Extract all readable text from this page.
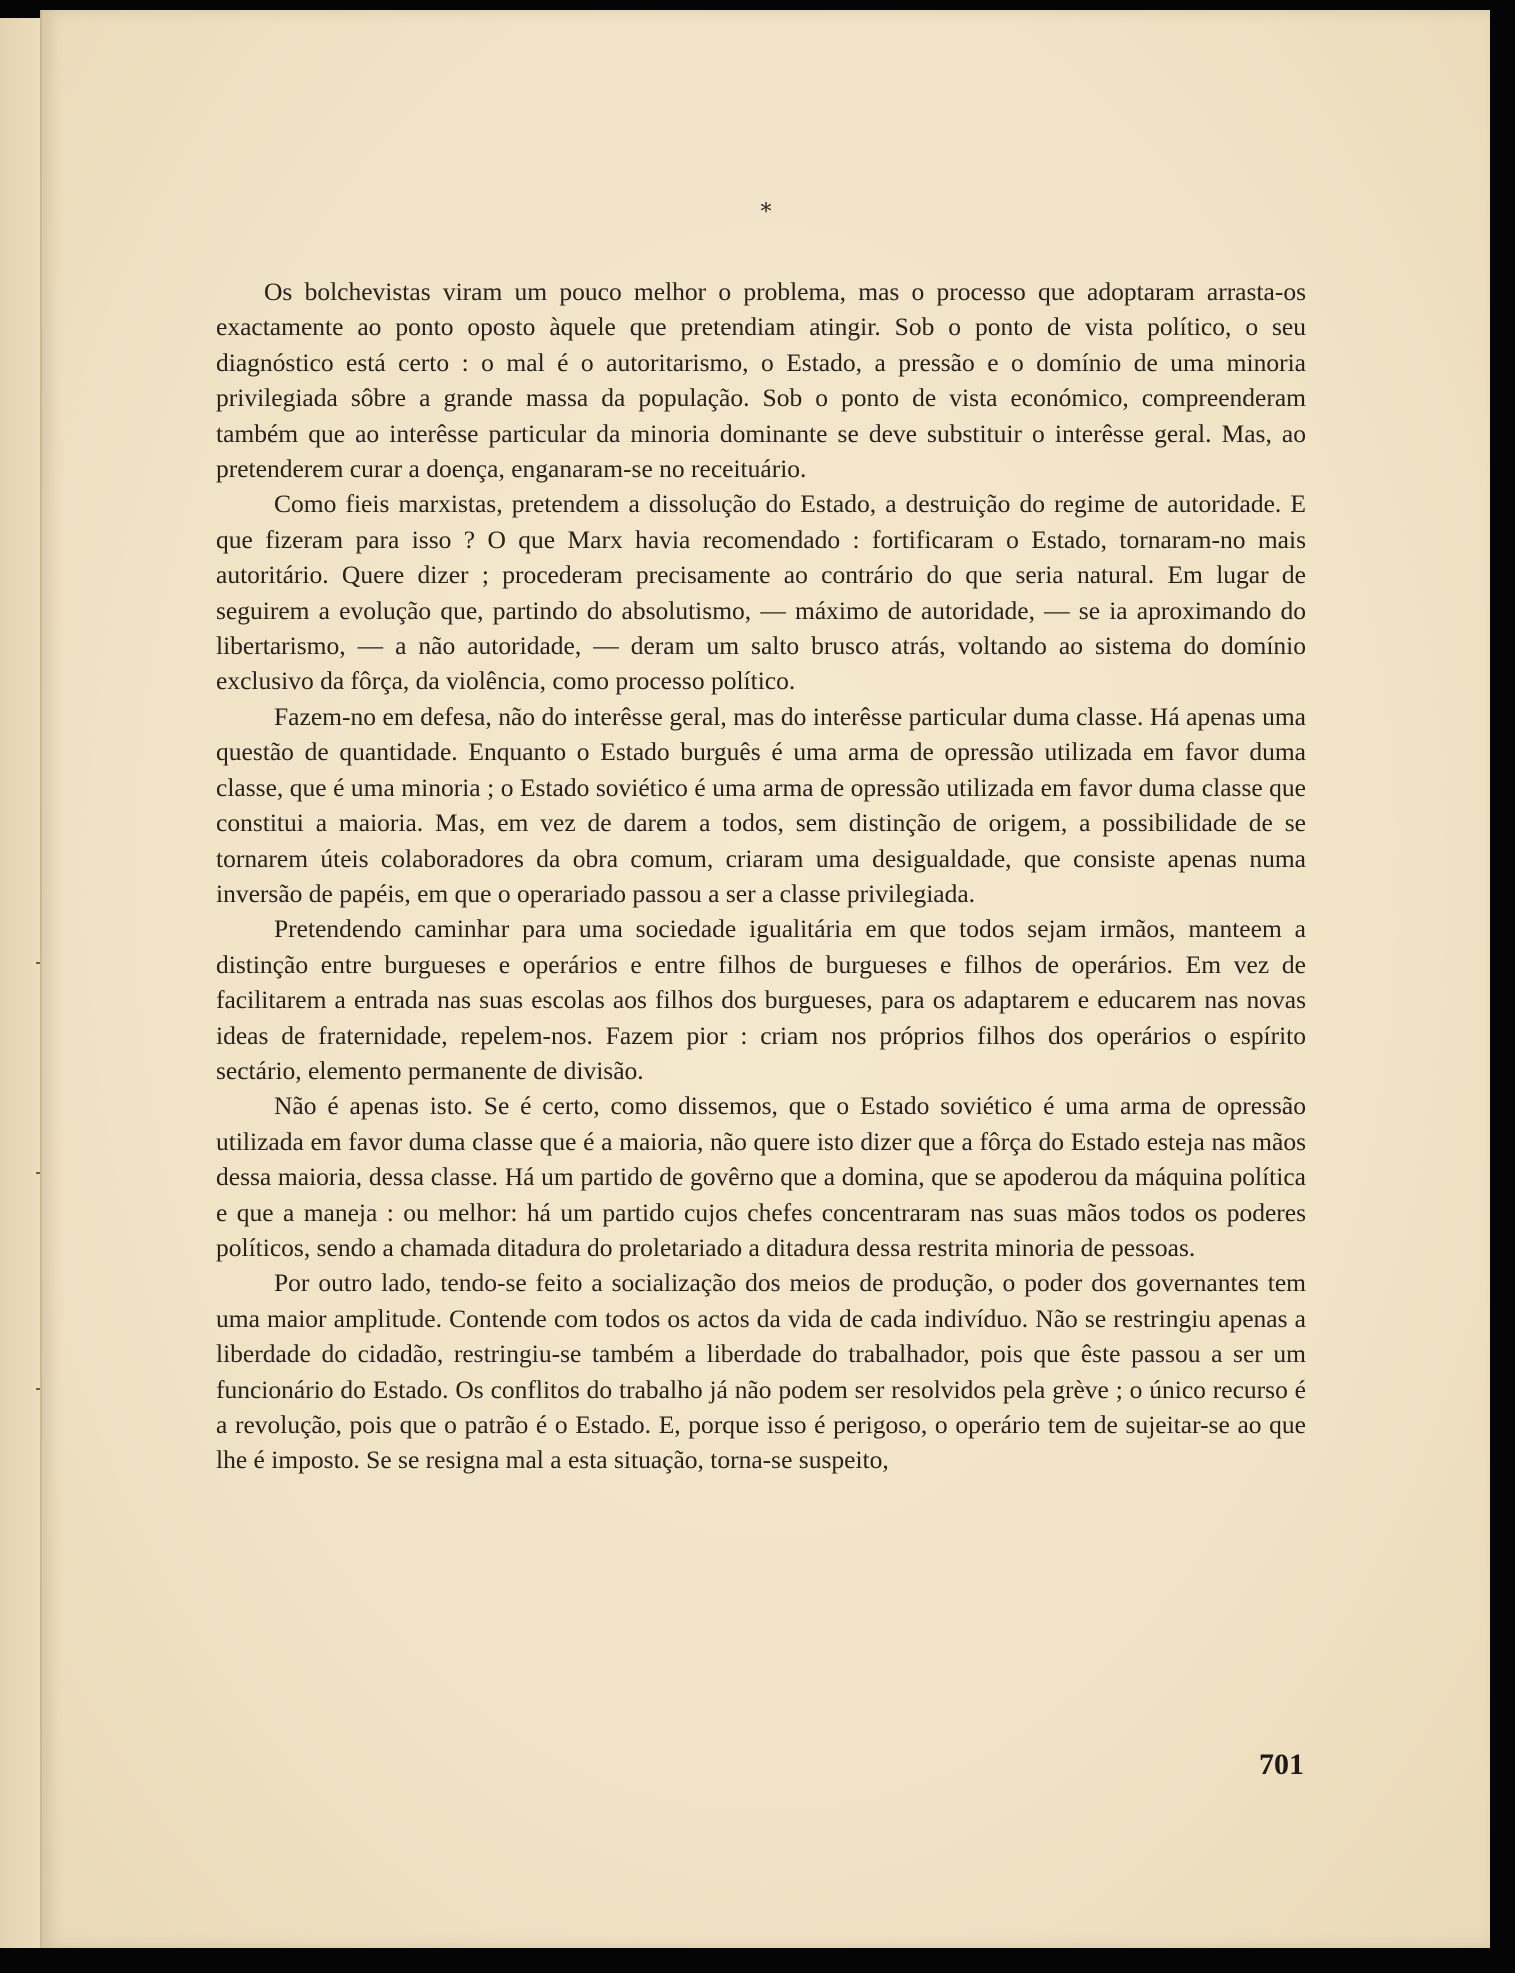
*

Os bolchevistas viram um pouco melhor o problema, mas o processo que adoptaram arrasta-os exactamente ao ponto oposto àquele que pretendiam atingir. Sob o ponto de vista político, o seu diagnóstico está certo : o mal é o autoritarismo, o Estado, a pressão e o domínio de uma minoria privilegiada sôbre a grande massa da população. Sob o ponto de vista económico, compreenderam também que ao interêsse particular da minoria dominante se deve substituir o interêsse geral. Mas, ao pretenderem curar a doença, enganaram-se no receituário.

Como fieis marxistas, pretendem a dissolução do Estado, a destruição do regime de autoridade. E que fizeram para isso ? O que Marx havia recomendado : fortificaram o Estado, tornaram-no mais autoritário. Quere dizer ; procederam precisamente ao contrário do que seria natural. Em lugar de seguirem a evolução que, partindo do absolutismo, — máximo de autoridade, — se ia aproximando do libertarismo, — a não autoridade, — deram um salto brusco atrás, voltando ao sistema do domínio exclusivo da fôrça, da violência, como processo político.

Fazem-no em defesa, não do interêsse geral, mas do interêsse particular duma classe. Há apenas uma questão de quantidade. Enquanto o Estado burguês é uma arma de opressão utilizada em favor duma classe, que é uma minoria ; o Estado soviético é uma arma de opressão utilizada em favor duma classe que constitui a maioria. Mas, em vez de darem a todos, sem distinção de origem, a possibilidade de se tornarem úteis colaboradores da obra comum, criaram uma desigualdade, que consiste apenas numa inversão de papéis, em que o operariado passou a ser a classe privilegiada.

Pretendendo caminhar para uma sociedade igualitária em que todos sejam irmãos, manteem a distinção entre burgueses e operários e entre filhos de burgueses e filhos de operários. Em vez de facilitarem a entrada nas suas escolas aos filhos dos burgueses, para os adaptarem e educarem nas novas ideas de fraternidade, repelem-nos. Fazem pior : criam nos próprios filhos dos operários o espírito sectário, elemento permanente de divisão.

Não é apenas isto. Se é certo, como dissemos, que o Estado soviético é uma arma de opressão utilizada em favor duma classe que é a maioria, não quere isto dizer que a fôrça do Estado esteja nas mãos dessa maioria, dessa classe. Há um partido de govêrno que a domina, que se apoderou da máquina política e que a maneja : ou melhor: há um partido cujos chefes concentraram nas suas mãos todos os poderes políticos, sendo a chamada ditadura do proletariado a ditadura dessa restrita minoria de pessoas.

Por outro lado, tendo-se feito a socialização dos meios de produção, o poder dos governantes tem uma maior amplitude. Contende com todos os actos da vida de cada indivíduo. Não se restringiu apenas a liberdade do cidadão, restringiu-se também a liberdade do trabalhador, pois que êste passou a ser um funcionário do Estado. Os conflitos do trabalho já não podem ser resolvidos pela grève ; o único recurso é a revolução, pois que o patrão é o Estado. E, porque isso é perigoso, o operário tem de sujeitar-se ao que lhe é imposto. Se se resigna mal a esta situação, torna-se suspeito,

701
